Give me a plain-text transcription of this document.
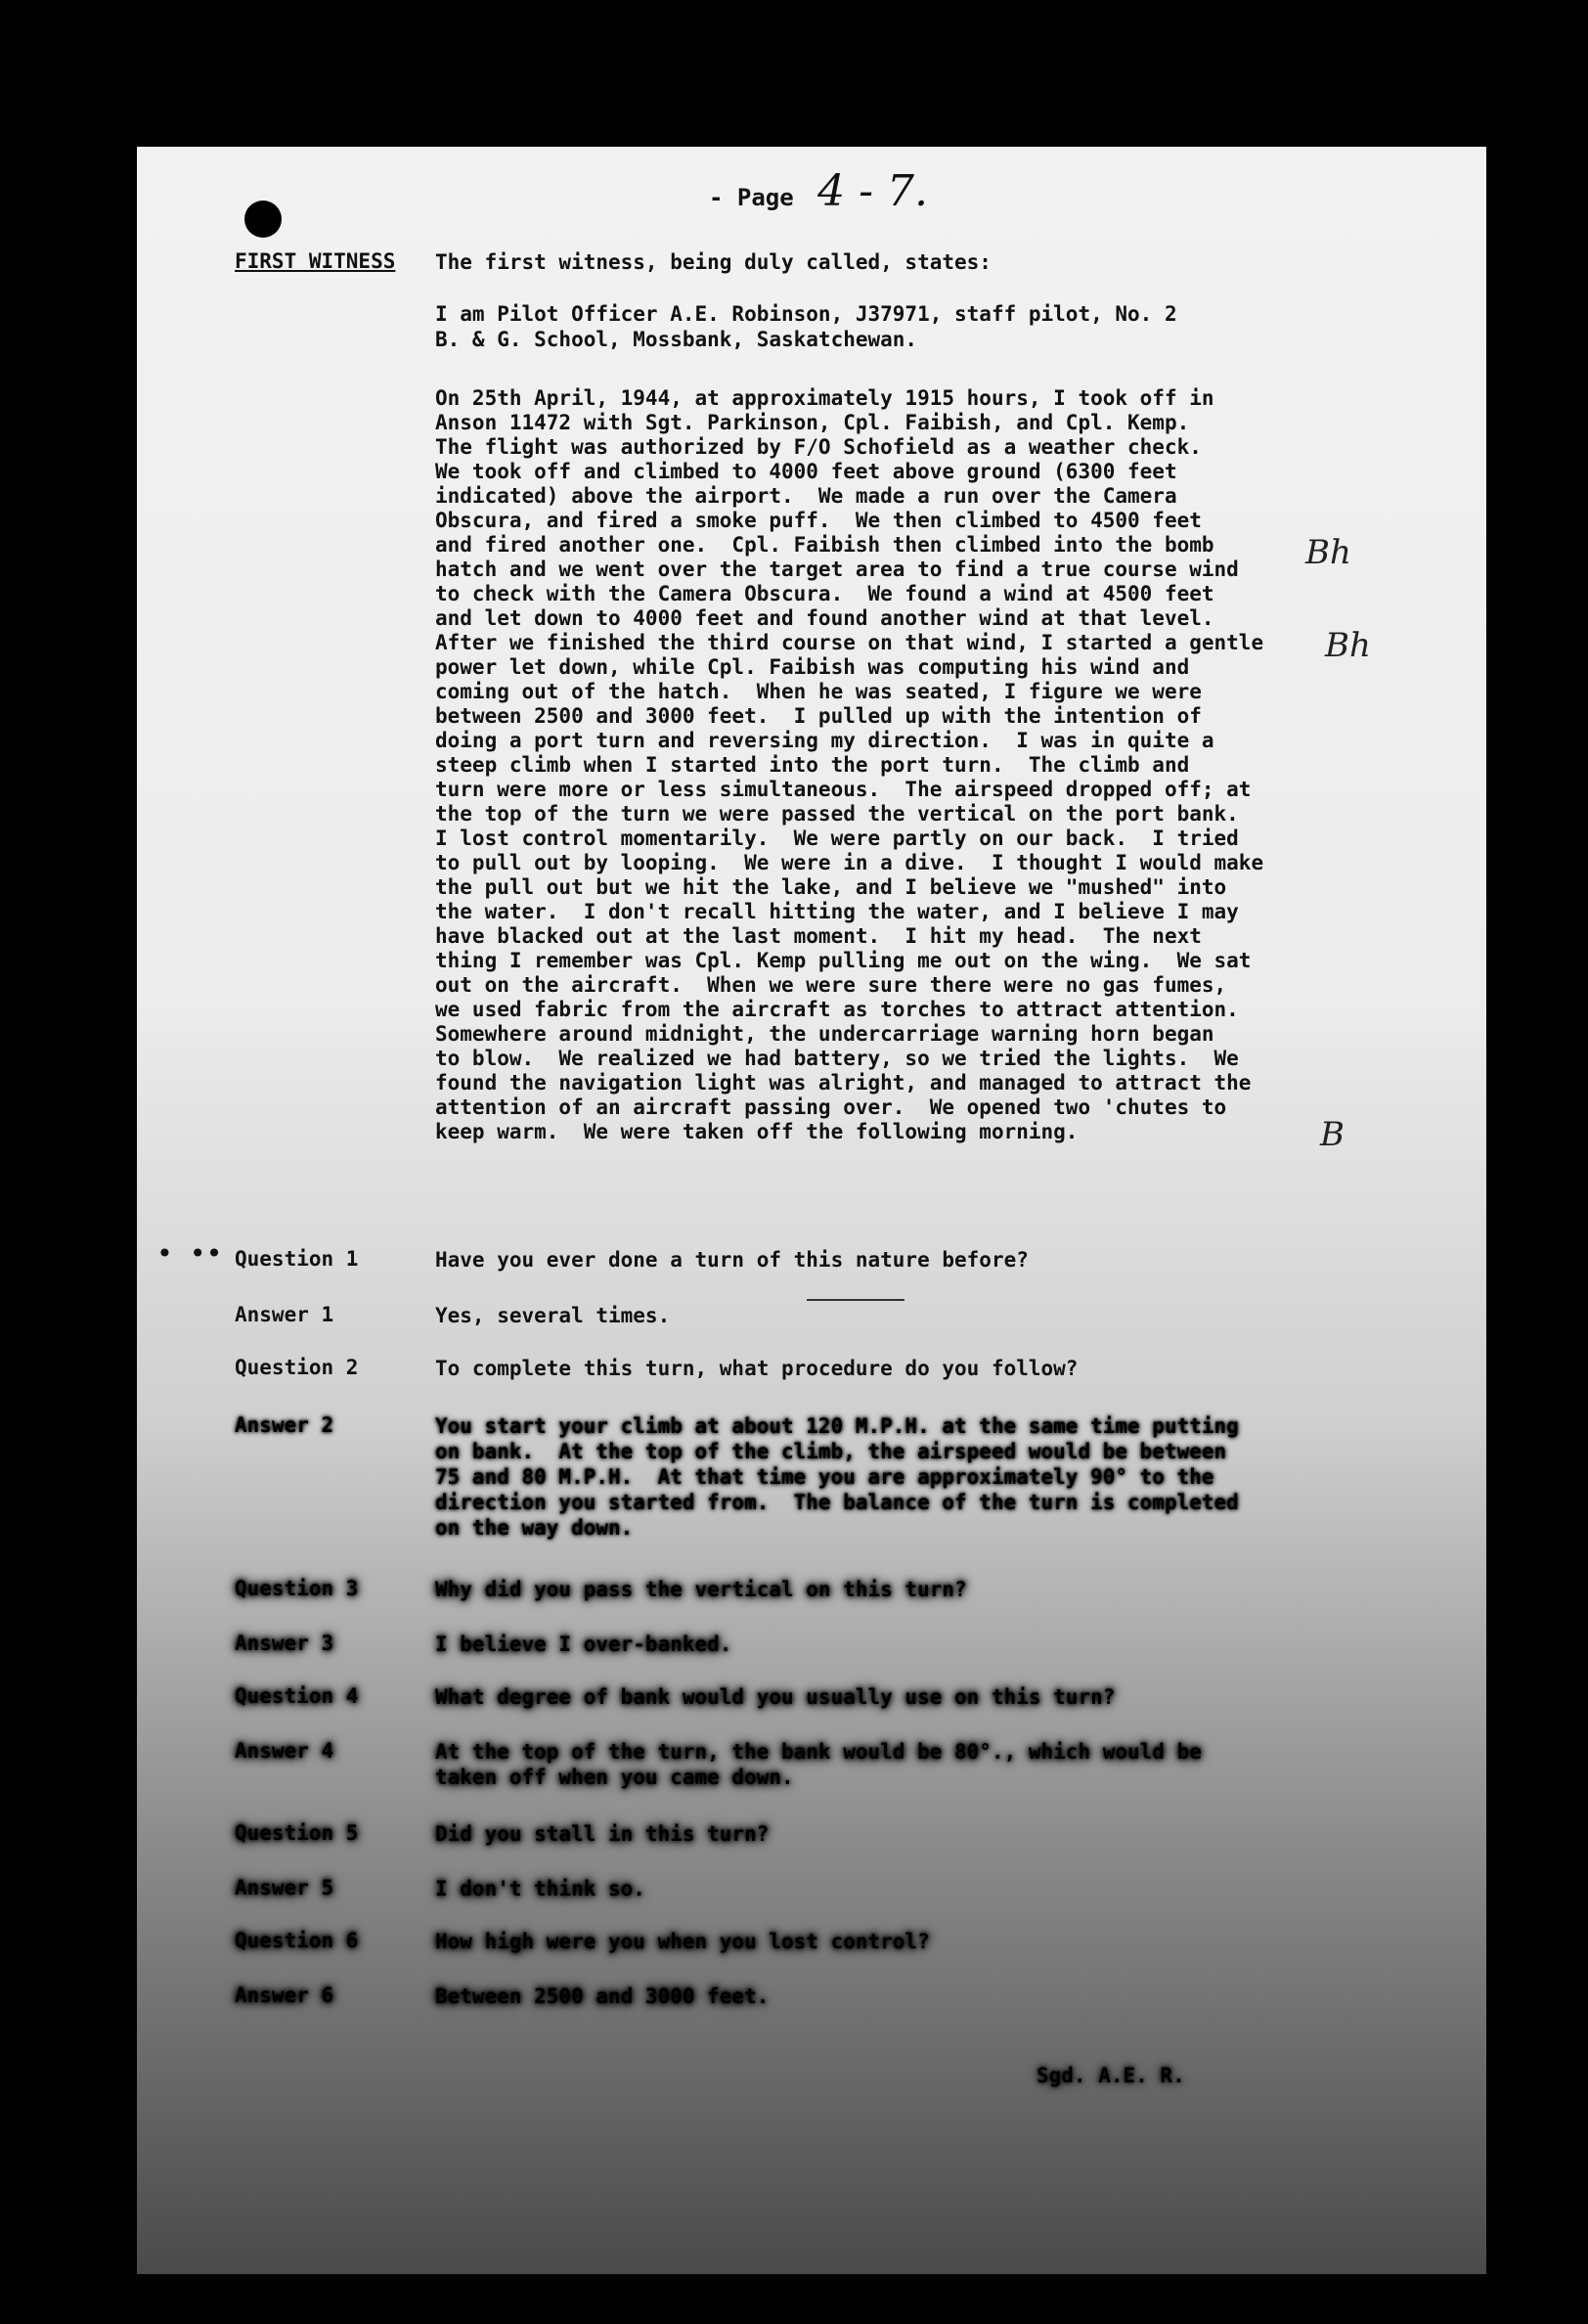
- Page 4 - 7.
FIRST WITNESS The first witness, being duly called, states:
I am Pilot Officer A.E. Robinson, J37971, staff pilot, No. 2
B. & G. School, Mossbank, Saskatchewan.
On 25th April, 1944, at approximately 1915 hours, I took off in
Anson 11472 with Sgt. Parkinson, Cpl. Faibish, and Cpl. Kemp.
The flight was authorized by F/O Schofield as a weather check.
We took off and climbed to 4000 feet above ground (6300 feet
indicated) above the airport.  We made a run over the Camera
Obscura, and fired a smoke puff.  We then climbed to 4500 feet
and fired another one.  Cpl. Faibish then climbed into the bomb
hatch and we went over the target area to find a true course wind
to check with the Camera Obscura.  We found a wind at 4500 feet
and let down to 4000 feet and found another wind at that level.
After we finished the third course on that wind, I started a gentle
power let down, while Cpl. Faibish was computing his wind and
coming out of the hatch.  When he was seated, I figure we were
between 2500 and 3000 feet.  I pulled up with the intention of
doing a port turn and reversing my direction.  I was in quite a
steep climb when I started into the port turn.  The climb and
turn were more or less simultaneous.  The airspeed dropped off; at
the top of the turn we were passed the vertical on the port bank.
I lost control momentarily.  We were partly on our back.  I tried
to pull out by looping.  We were in a dive.  I thought I would make
the pull out but we hit the lake, and I believe we "mushed" into
the water.  I don't recall hitting the water, and I believe I may
have blacked out at the last moment.  I hit my head.  The next
thing I remember was Cpl. Kemp pulling me out on the wing.  We sat
out on the aircraft.  When we were sure there were no gas fumes,
we used fabric from the aircraft as torches to attract attention.
Somewhere around midnight, the undercarriage warning horn began
to blow.  We realized we had battery, so we tried the lights.  We
found the navigation light was alright, and managed to attract the
attention of an aircraft passing over.  We opened two 'chutes to
keep warm.  We were taken off the following morning.
Bh
Bh
B
• •• Question 1	Have you ever done a turn of this nature before?
Answer 1	Yes, several times.
Question 2	To complete this turn, what procedure do you follow?
Answer 2	You start your climb at about 120 M.P.H. at the same time putting
on bank.  At the top of the climb, the airspeed would be between
75 and 80 M.P.H.  At that time you are approximately 90° to the
direction you started from.  The balance of the turn is completed
on the way down.
Question 3	Why did you pass the vertical on this turn?
Answer 3	I believe I over-banked.
Question 4	What degree of bank would you usually use on this turn?
Answer 4	At the top of the turn, the bank would be 80°., which would be
taken off when you came down.
Question 5	Did you stall in this turn?
Answer 5	I don't think so.
Question 6	How high were you when you lost control?
Answer 6	Between 2500 and 3000 feet.
Sgd. A.E. R.
